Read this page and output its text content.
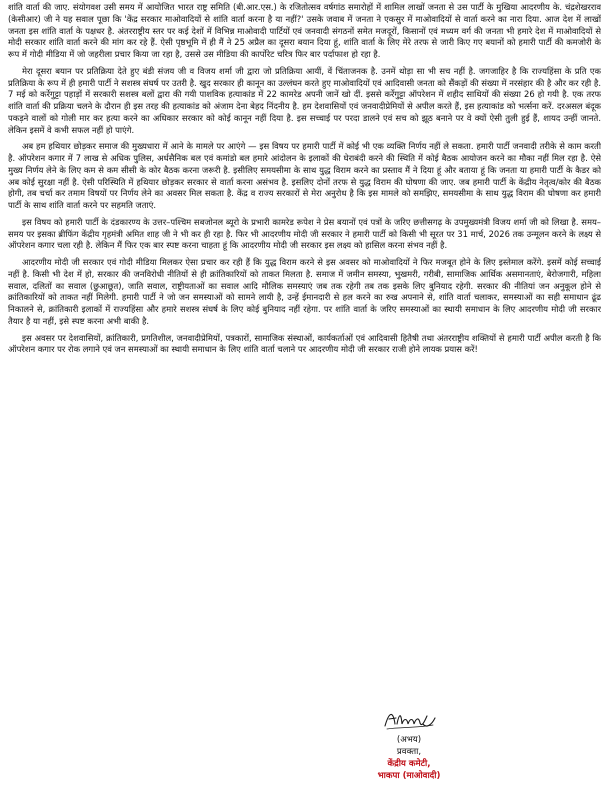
शांति वार्ता की जाए. संयोगवश उसी समय में आयोजित भारत राष्ट्र समिति (बी.आर.एस.) के रजितोत्सव वर्षगांठ समारोहों में शामिल लाखों जनता से उस पार्टी के मुखिया आदरणीय के. चंद्रशेखरराव (केसीआर) जी ने यह सवाल पूछा कि 'केंद्र सरकार माओवादियों से शांति वार्ता करना है या नहीं?' उसके जवाब में जनता ने एकसुर में माओवादियों से वार्ता करने का नारा दिया. आज देश में लाखों जनता इस शांति वार्ता के पक्षधर है. अंतरराष्ट्रीय स्तर पर कई देशों में विभिन्न माओवादी पार्टियों एवं जनवादी संगठनों समेत मजदूरों, किसानों एवं मध्यम वर्ग की जनता भी हमारे देश में माओवादियों से मोदी सरकार शांति वार्ता करने की मांग कर रहे हैं. ऐसी पृष्ठभूमि में ही मैं ने 25 अप्रैल का दूसरा बयान दिया हूं, शांति वार्ता के लिए मेरे तरफ से जारी किए गए बयानों को हमारी पार्टी की कमजोरी के रूप में गोदी मीडिया में जो जहरीला प्रचार किया जा रहा है, उससे उस मीडिया की कार्पोरेट चरित्र फिर बार पर्दाफाश हो रहा है.

मेरा दूसरा बयान पर प्रतिक्रिया देते हुए बंडी संजय जी व विजय शर्मा जी द्वारा जो प्रतिक्रिया आयीं, वें चिंताजनक है. उनमें थोड़ा सा भी सच नहीं है. जगजाहिर है कि राज्यहिंसा के प्रति एक प्रतिक्रिया के रूप में ही हमारी पार्टी ने सशस्त्र संघर्ष पर उतरी है. खुद सरकार ही कानून का उल्लंघन करते हुए माओवादियों एवं आदिवासी जनता को सैंकड़ों की संख्या में नरसंहार की है और कर रही है. 7 मई को कर्रेगुट्टा पहाड़ों में सरकारी सशस्त्र बलों द्वारा की गयी पाशविक हत्याकांड में 22 कामरेड अपनी जानें खो दीं. इससे कर्रेगुट्टा ऑपरेशन में शहीद साथियों की संख्या 26 हो गयी है. एक तरफ शांति वार्ता की प्रक्रिया चलने के दौरान ही इस तरह की हत्याकांड को अंजाम देना बेहद निंदनीय है. हम देशवासियों एवं जनवादीप्रेमियों से अपील करते हैं, इस हत्याकांड को भर्त्सना करें. दरअसल बंदूक पकड़ने वालों को गोली मार कर हत्या करने का अधिकार सरकार को कोई कानून नहीं दिया है. इस सच्चाई पर परदा डालने एवं सच को झूठ बनाने पर वे क्यों ऐसी तुली हुई हैं, शायद उन्हीं जानते. लेकिन इसमें वे कभी सफल नहीं हो पाएंगे.

अब हम हथियार छोड़कर समाज की मुख्यधारा में आने के मामले पर आएंगे — इस विषय पर हमारी पार्टी में कोई भी एक व्यक्ति निर्णय नहीं ले सकता. हमारी पार्टी जनवादी तरीके से काम करती है. ऑपरेशन कगार में 7 लाख से अधिक पुलिस, अर्धसैनिक बल एवं कमांडो बल हमारे आंदोलन के इलाकों की घेराबंदी करने की स्थिति में कोई बैठक आयोजन करने का मौका नहीं मिल रहा है. ऐसे मुख्य निर्णय लेने के लिए कम से कम सीसी के कोर बैठक करना जरूरी है. इसीलिए समयसीमा के साथ युद्ध विराम करने का प्रस्ताव मैं ने दिया हूं और बताया हूं कि जनता या हमारी पार्टी के कैडर को अब कोई सुरक्षा नहीं है. ऐसी परिस्थिति में हथियार छोड़कर सरकार से वार्ता करना असंभव है. इसलिए दोनों तरफ से युद्ध विराम की घोषणा की जाए. जब हमारी पार्टी के केंद्रीय नेतृत्व/कोर की बैठक होगी, तब चर्चा कर तमाम विषयों पर निर्णय लेने का अवसर मिल सकता है. केंद्र व राज्य सरकारों से मेरा अनुरोध है कि इस मामले को समझिए, समयसीमा के साथ युद्ध विराम की घोषणा कर हमारी पार्टी के साथ शांति वार्ता करने पर सहमति जताएं.

इस विषय को हमारी पार्टी के दंडकारण्य के उत्तर–पश्चिम सबजोनल ब्यूरो के प्रभारी कामरेड रूपेश ने प्रेस बयानों एवं पत्रों के जरिए छत्तीसगढ़ के उपमुख्यमंत्री विजय शर्मा जी को लिखा है. समय–समय पर इसका ब्रीफिंग केंद्रीय गृहमंत्री अमित शाह जी ने भी कर ही रहा है. फिर भी आदरणीय मोदी जी सरकार ने हमारी पार्टी को किसी भी सूरत पर 31 मार्च, 2026 तक उन्मूलन करने के लक्ष्य से ऑपरेशन कगार चला रही है. लेकिन मैं फिर एक बार स्पष्ट करना चाहता हूं कि आदरणीय मोदी जी सरकार इस लक्ष्य को हासिल करना संभव नहीं है.

आदरणीय मोदी जी सरकार एवं गोदी मीडिया मिलकर ऐसा प्रचार कर रही हैं कि युद्ध विराम करने से इस अवसर को माओवादियों ने फिर मजबूत होने के लिए इस्तेमाल करेंगे. इसमें कोई सच्चाई नहीं है. किसी भी देश में हो, सरकार की जनविरोधी नीतियों से ही क्रांतिकारियों को ताकत मिलता है. समाज में जमीन समस्या, भुखमरी, गरीबी, सामाजिक आर्थिक असमानताएं, बेरोजगारी, महिला सवाल, दलितों का सवाल (छुआछूत), जाति सवाल, राष्ट्रीयताओं का सवाल आदि मौलिक समस्याएं जब तक रहेगी तब तक इसके लिए बुनियाद रहेगी. सरकार की नीतियां जन अनुकूल होने से क्रांतिकारियों को ताकत नहीं मिलेगी. हमारी पार्टी ने जो जन समस्याओं को सामने लायी है, उन्हें ईमानदारी से हल करने का रुख अपनाने से, शांति वार्ता चलाकर, समस्याओं का सही समाधान ढूंढ निकालने से, क्रांतिकारी इलाकों में राज्यहिंसा और हमारे सशस्त्र संघर्ष के लिए कोई बुनियाद नहीं रहेगा. पर शांति वार्ता के जरिए समस्याओं का स्थायी समाधान के लिए आदरणीय मोदी जी सरकार तैयार है या नहीं, इसे स्पष्ट करना अभी बाकी है.

इस अवसर पर देशवासियों, क्रांतिकारी, प्रगतिशील, जनवादीप्रेमियों, पत्रकारों, सामाजिक संस्थाओं, कार्यकर्ताओं एवं आदिवासी हितैषी तथा अंतरराष्ट्रीय शक्तियों से हमारी पार्टी अपील करती है कि ऑपरेशन कगार पर रोक लगाने एवं जन समस्याओं का स्थायी समाधान के लिए शांति वार्ता चलाने पर आदरणीय मोदी जी सरकार राजी होने लायक प्रयास करें!

(अभय)
प्रवक्ता,
केंद्रीय कमेटी,
भाकपा (माओवादी)
